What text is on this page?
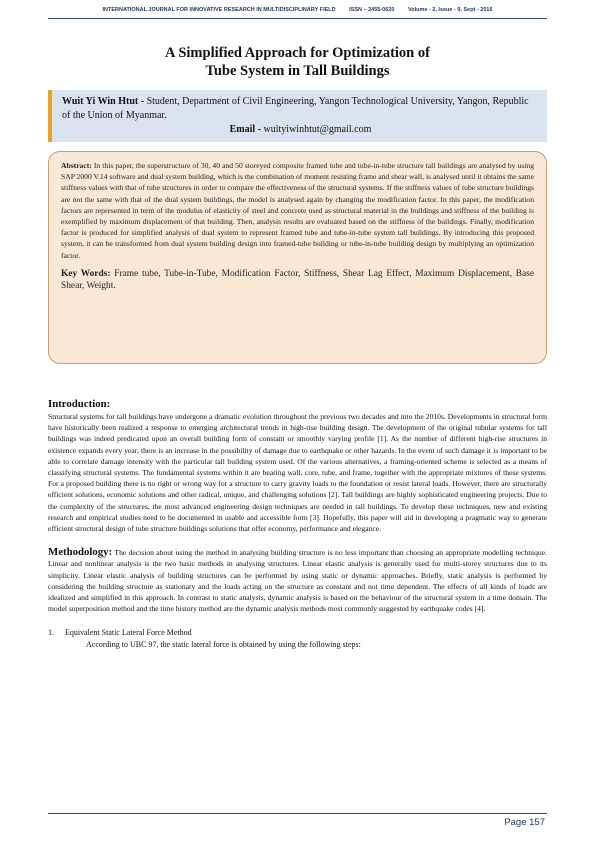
INTERNATIONAL JOURNAL FOR INNOVATIVE RESEARCH IN MULTIDISCIPLINARY FIELD ISSN – 2455-0620 Volume - 2, Issue - 9, Sept - 2016
A Simplified Approach for Optimization of
Tube System in Tall Buildings
Wuit Yi Win Htut - Student, Department of Civil Engineering, Yangon Technological University, Yangon, Republic of the Union of Myanmar.
Email - wuityiwinhtut@gmail.com

Abstract: In this paper, the superstructure of 30, 40 and 50 storeyed composite framed tube and tube-in-tube structure tall buildings are analysed by using SAP 2000 V.14 software and dual system building, which is the combination of moment resisting frame and shear wall, is analysed until it obtains the same stiffness values with that of tube structures in order to compare the effectiveness of the structural systems. If the stiffness values of tube structure buildings are not the same with that of the dual system buildings, the model is analysed again by changing the modification factor. In this paper, the modification factors are represented in term of the modulus of elasticity of steel and concrete used as structural material in the buildings and stiffness of the building is exemplified by maximum displacement of that building. Then, analysis results are evaluated based on the stiffness of the buildings. Finally, modification factor is produced for simplified analysis of dual system to represent framed tube and tube-in-tube system tall buildings. By introducing this proposed system, it can be transformed from dual system building design into framed-tube building or tube-in-tube building design by multiplying an optimization factor.

Key Words: Frame tube, Tube-in-Tube, Modification Factor, Stiffness, Shear Lag Effect, Maximum Displacement, Base Shear, Weight.

Introduction:

Structural systems for tall buildings have undergone a dramatic evolution throughout the previous two decades and into the 2010s. Developments in structural form have historically been realized a response to emerging architectural trends in high-rise building design. The development of the original tubular systems for tall buildings was indeed predicated upon an overall building form of constant or smoothly varying profile [1]. As the number of different high-rise structures in existence expands every year, there is an increase in the possibility of damage due to earthquake or other hazards. In the event of such damage it is important to be able to correlate damage intensity with the particular tall building system used. Of the various alternatives, a framing-oriented scheme is selected as a means of classifying structural systems. The fundamental systems within it are bearing wall, core, tube, and frame, together with the appropriate mixtures of these systems. For a proposed building there is no right or wrong way for a structure to carry gravity loads to the foundation or resist lateral loads. However, there are structurally efficient solutions, economic solutions and other radical, unique, and challenging solutions [2]. Tall buildings are highly sophisticated engineering projects. Due to the complexity of the structures, the most advanced engineering design techniques are needed in tall buildings. To develop these techniques, new and existing research and empirical studies need to be documented in usable and accessible form [3]. Hopefully, this paper will aid in developing a pragmatic way to generate efficient structural design of tube structure buildings solutions that offer economy, performance and elegance.

Methodology: The decision about using the method in analysing building structure is no less important than choosing an appropriate modelling technique. Linear and nonlinear analysis is the two basic methods in analysing structures. Linear elastic analysis is generally used for multi-storey structures due to its simplicity. Linear elastic analysis of building structures can be performed by using static or dynamic approaches. Briefly, static analysis is performed by considering the building structure as stationary and the loads acting on the structure as constant and not time dependent. The effects of all kinds of loads are idealized and simplified in this approach. In contrast to static analysis, dynamic analysis is based on the behaviour of the structural system in a time domain. The model superposition method and the time history method are the dynamic analysis methods most commonly suggested by earthquake codes [4].

1. Equivalent Static Lateral Force Method

According to UBC 97, the static lateral force is obtained by using the following steps:

Page 157
